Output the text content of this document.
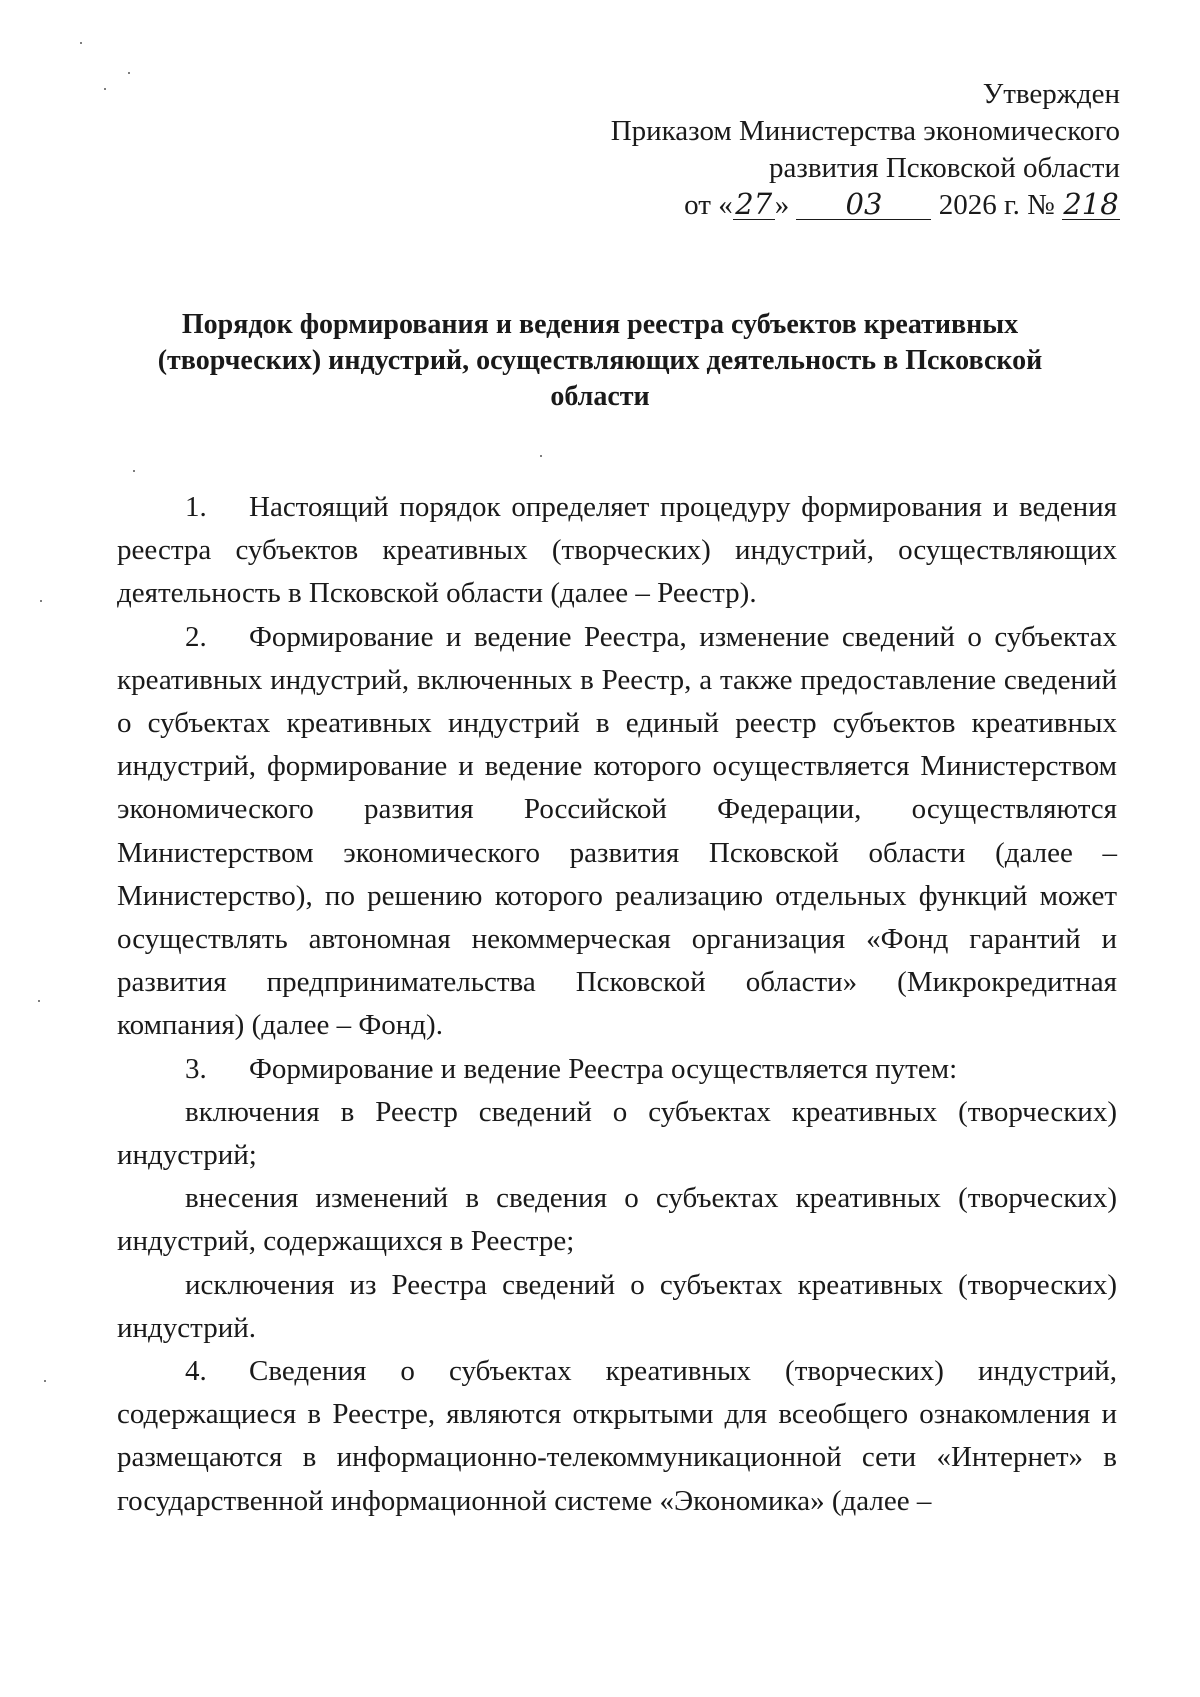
Утвержден
Приказом Министерства экономического
развития Псковской области
от «27» 03 2026 г. № 218
Порядок формирования и ведения реестра субъектов креативных (творческих) индустрий, осуществляющих деятельность в Псковской области

1. Настоящий порядок определяет процедуру формирования и ведения реестра субъектов креативных (творческих) индустрий, осуществляющих деятельность в Псковской области (далее – Реестр).

2. Формирование и ведение Реестра, изменение сведений о субъектах креативных индустрий, включенных в Реестр, а также предоставление сведений о субъектах креативных индустрий в единый реестр субъектов креативных индустрий, формирование и ведение которого осуществляется Министерством экономического развития Российской Федерации, осуществляются Министерством экономического развития Псковской области (далее – Министерство), по решению которого реализацию отдельных функций может осуществлять автономная некоммерческая организация «Фонд гарантий и развития предпринимательства Псковской области» (Микрокредитная компания) (далее – Фонд).

3. Формирование и ведение Реестра осуществляется путем:

включения в Реестр сведений о субъектах креативных (творческих) индустрий;

внесения изменений в сведения о субъектах креативных (творческих) индустрий, содержащихся в Реестре;

исключения из Реестра сведений о субъектах креативных (творческих) индустрий.

4. Сведения о субъектах креативных (творческих) индустрий, содержащиеся в Реестре, являются открытыми для всеобщего ознакомления и размещаются в информационно-телекоммуникационной сети «Интернет» в государственной информационной системе «Экономика» (далее –
